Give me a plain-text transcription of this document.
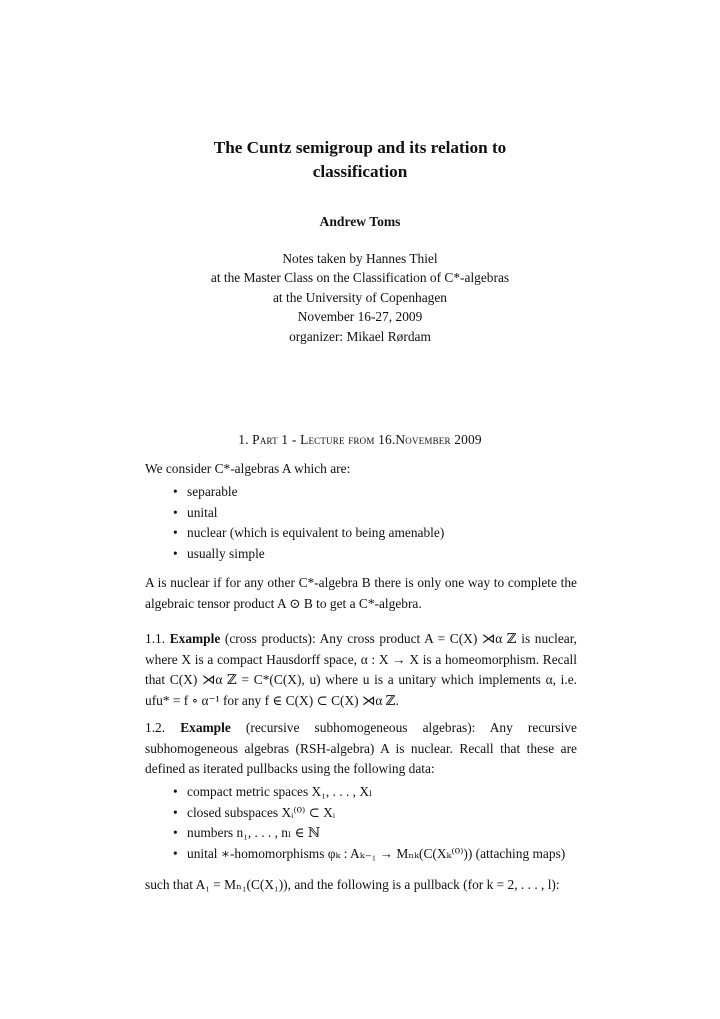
The Cuntz semigroup and its relation to
classification
Andrew Toms
Notes taken by Hannes Thiel
at the Master Class on the Classification of C*-algebras
at the University of Copenhagen
November 16-27, 2009
organizer: Mikael Rørdam
1. Part 1 - Lecture from 16.November 2009

We consider C*-algebras A which are:

• separable
• unital
• nuclear (which is equivalent to being amenable)
• usually simple

A is nuclear if for any other C*-algebra B there is only one way to complete the algebraic tensor product A ⊙ B to get a C*-algebra.

1.1. Example (cross products): Any cross product A = C(X) ⋊α ℤ is nuclear, where X is a compact Hausdorff space, α : X → X is a homeomorphism. Recall that C(X) ⋊α ℤ = C*(C(X), u) where u is a unitary which implements α, i.e. ufu* = f ∘ α⁻¹ for any f ∈ C(X) ⊂ C(X) ⋊α ℤ.

1.2. Example (recursive subhomogeneous algebras): Any recursive subhomogeneous algebras (RSH-algebra) A is nuclear. Recall that these are defined as iterated pullbacks using the following data:

• compact metric spaces X₁, . . . , Xₗ
• closed subspaces Xᵢ⁽⁰⁾ ⊂ Xᵢ
• numbers n₁, . . . , nₗ ∈ ℕ
• unital ∗-homomorphisms φₖ : Aₖ₋₁ → Mₙₖ(C(Xₖ⁽⁰⁾)) (attaching maps)

such that A₁ = Mₙ₁(C(X₁)), and the following is a pullback (for k = 2, . . . , l):
